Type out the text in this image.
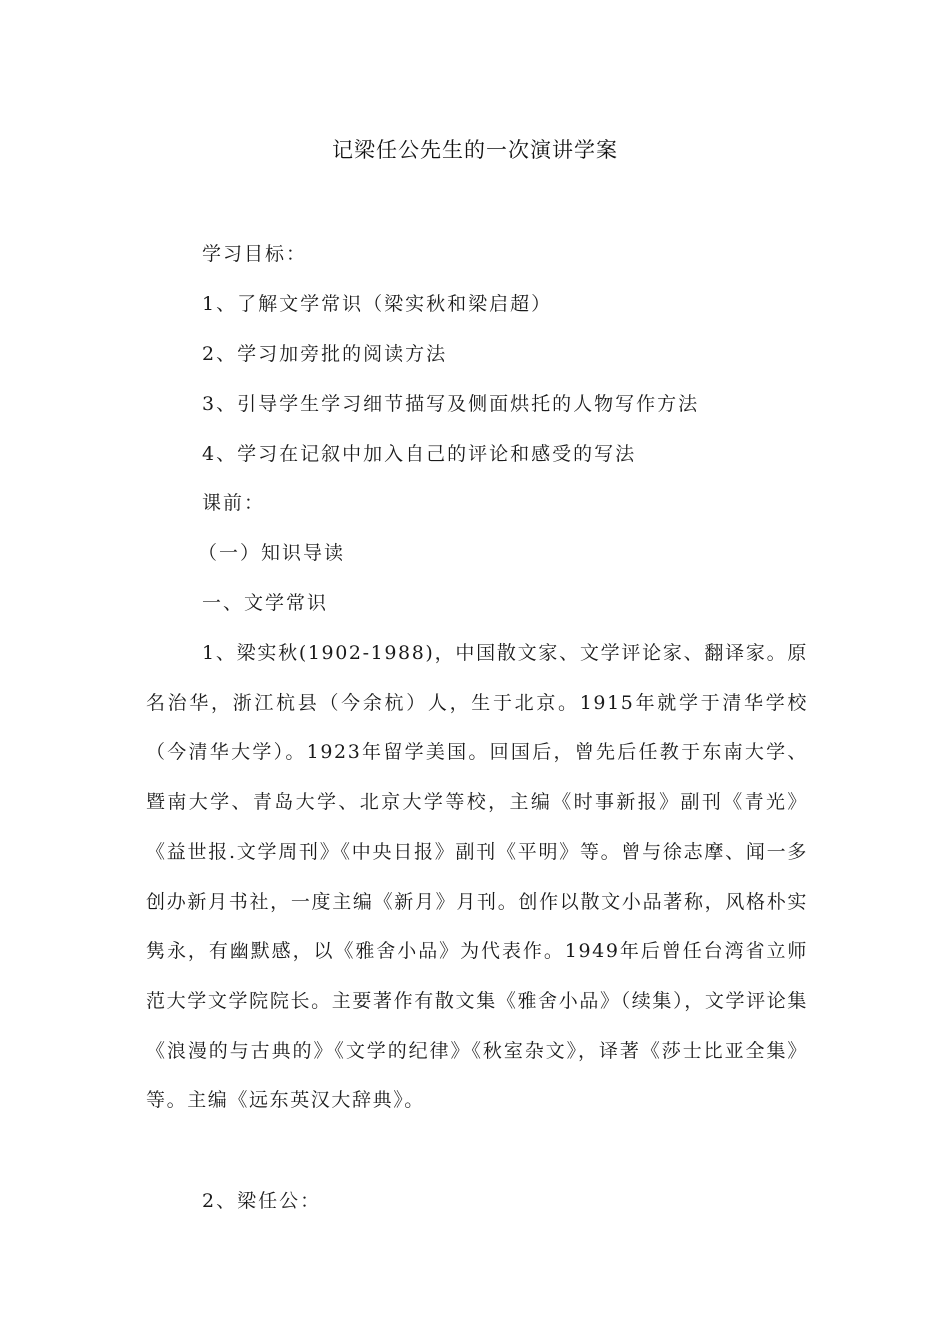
记梁任公先生的一次演讲学案
学习目标：
1、了解文学常识（梁实秋和梁启超）
2、学习加旁批的阅读方法
3、引导学生学习细节描写及侧面烘托的人物写作方法
4、学习在记叙中加入自己的评论和感受的写法
课前：
（一）知识导读
一、文学常识
1、梁实秋(1902-1988)，中国散文家、文学评论家、翻译家。原名治华，浙江杭县（今余杭）人，生于北京。1915年就学于清华学校（今清华大学）。1923年留学美国。回国后，曾先后任教于东南大学、暨南大学、青岛大学、北京大学等校，主编《时事新报》副刊《青光》《益世报.文学周刊》《中央日报》副刊《平明》等。曾与徐志摩、闻一多创办新月书社，一度主编《新月》月刊。创作以散文小品著称，风格朴实隽永，有幽默感，以《雅舍小品》为代表作。1949年后曾任台湾省立师范大学文学院院长。主要著作有散文集《雅舍小品》（续集），文学评论集《浪漫的与古典的》《文学的纪律》《秋室杂文》，译著《莎士比亚全集》等。主编《远东英汉大辞典》。
2、梁任公：
